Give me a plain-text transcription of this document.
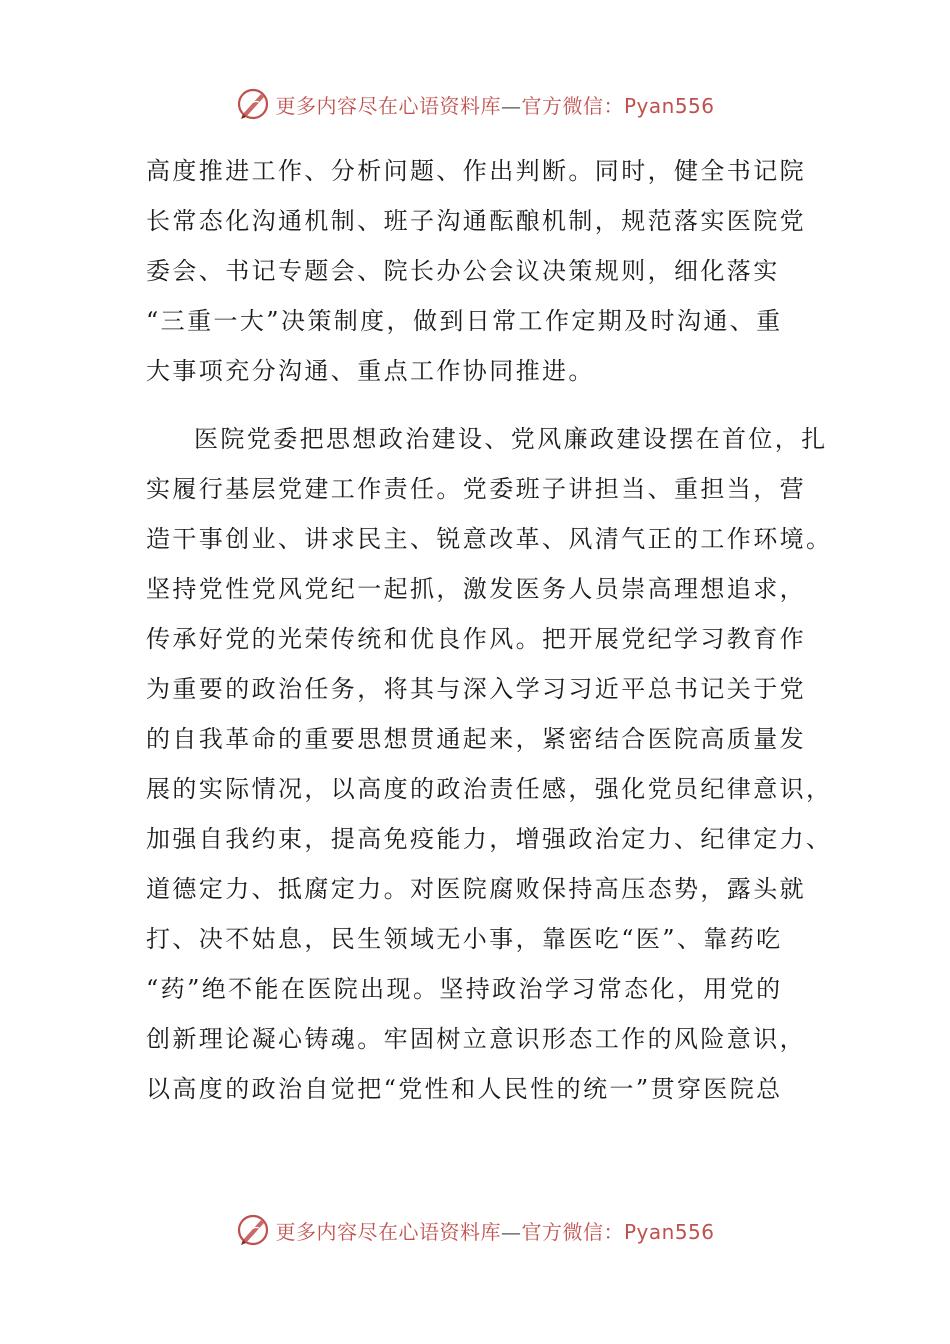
更多内容尽在心语资料库—官方微信：Pyan556

高度推进工作、分析问题、作出判断。同时，健全书记院
长常态化沟通机制、班子沟通酝酿机制，规范落实医院党
委会、书记专题会、院长办公会议决策规则，细化落实
“三重一大”决策制度，做到日常工作定期及时沟通、重
大事项充分沟通、重点工作协同推进。

医院党委把思想政治建设、党风廉政建设摆在首位，扎
实履行基层党建工作责任。党委班子讲担当、重担当，营
造干事创业、讲求民主、锐意改革、风清气正的工作环境。
坚持党性党风党纪一起抓，激发医务人员崇高理想追求，
传承好党的光荣传统和优良作风。把开展党纪学习教育作
为重要的政治任务，将其与深入学习习近平总书记关于党
的自我革命的重要思想贯通起来，紧密结合医院高质量发
展的实际情况，以高度的政治责任感，强化党员纪律意识，
加强自我约束，提高免疫能力，增强政治定力、纪律定力、
道德定力、抵腐定力。对医院腐败保持高压态势，露头就
打、决不姑息，民生领域无小事，靠医吃“医”、靠药吃
“药”绝不能在医院出现。坚持政治学习常态化，用党的
创新理论凝心铸魂。牢固树立意识形态工作的风险意识，
以高度的政治自觉把“党性和人民性的统一”贯穿医院总

更多内容尽在心语资料库—官方微信：Pyan556
